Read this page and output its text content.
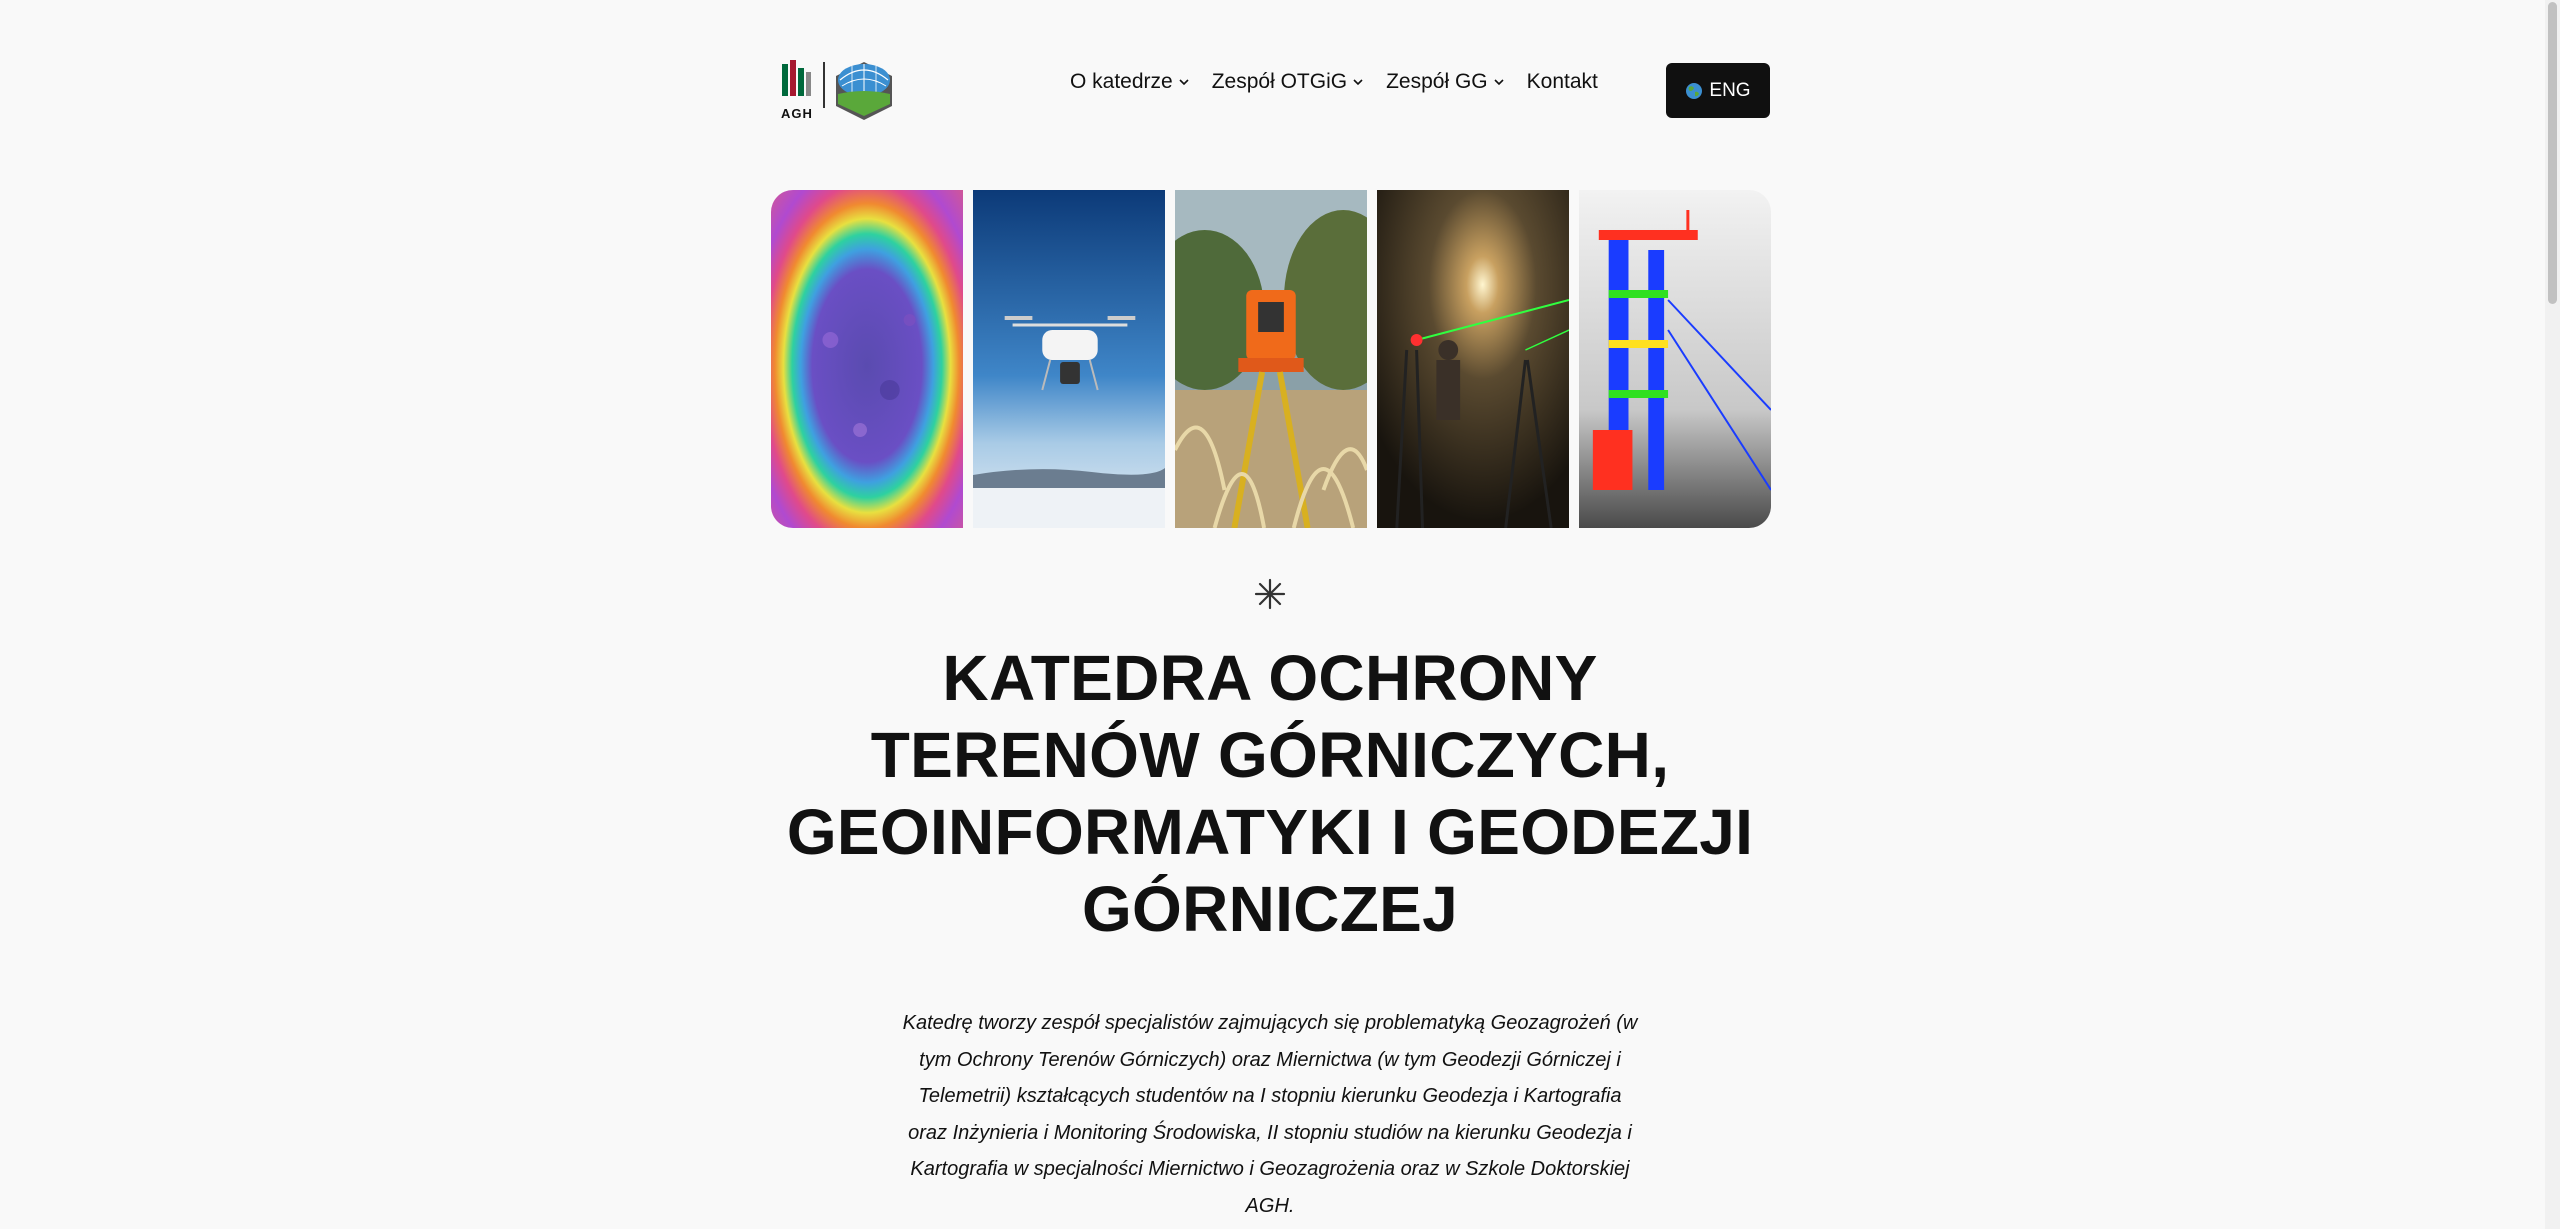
AGH
O katedrze Zespół OTGiG Zespół GG Kontakt	ENG
KATEDRA OCHRONY TERENÓW GÓRNICZYCH, GEOINFORMATYKI I GEODEZJI GÓRNICZEJ

Katedrę tworzy zespół specjalistów zajmujących się problematyką Geozagrożeń (w tym Ochrony Terenów Górniczych) oraz Miernictwa (w tym Geodezji Górniczej i Telemetrii) kształcących studentów na I stopniu kierunku Geodezja i Kartografia oraz Inżynieria i Monitoring Środowiska, II stopniu studiów na kierunku Geodezja i Kartografia w specjalności Miernictwo i Geozagrożenia oraz w Szkole Doktorskiej AGH.
